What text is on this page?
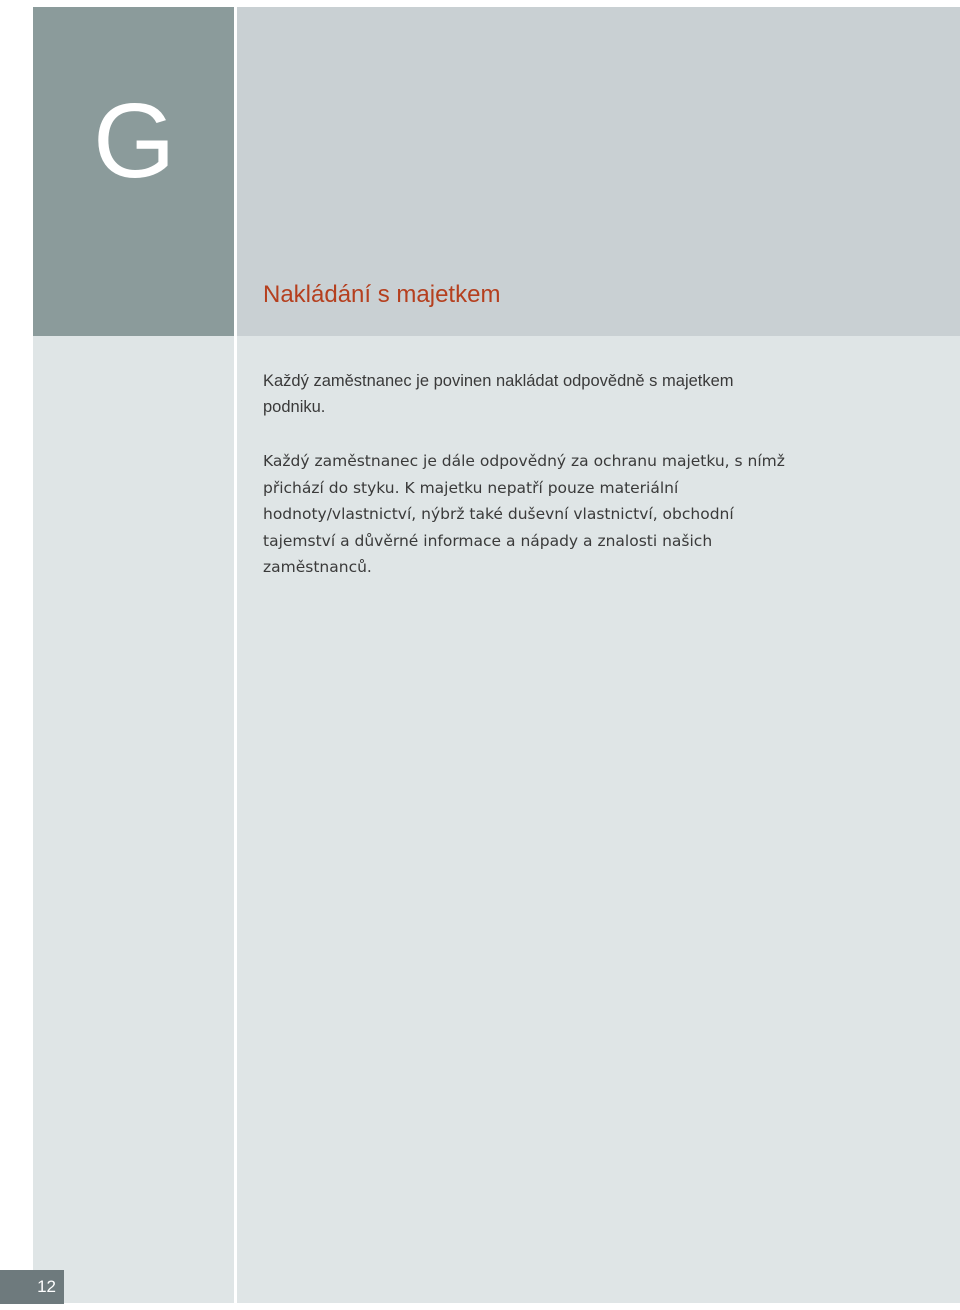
G
Nakládání s majetkem

Každý zaměstnanec je povinen nakládat odpovědně s majetkem podniku.

Každý zaměstnanec je dále odpovědný za ochranu majetku, s nímž přichází do styku. K majetku nepatří pouze materiální hodnoty/vlastnictví, nýbrž také duševní vlastnictví, obchodní tajemství a důvěrné informace a nápady a znalosti našich zaměstnanců.

12
